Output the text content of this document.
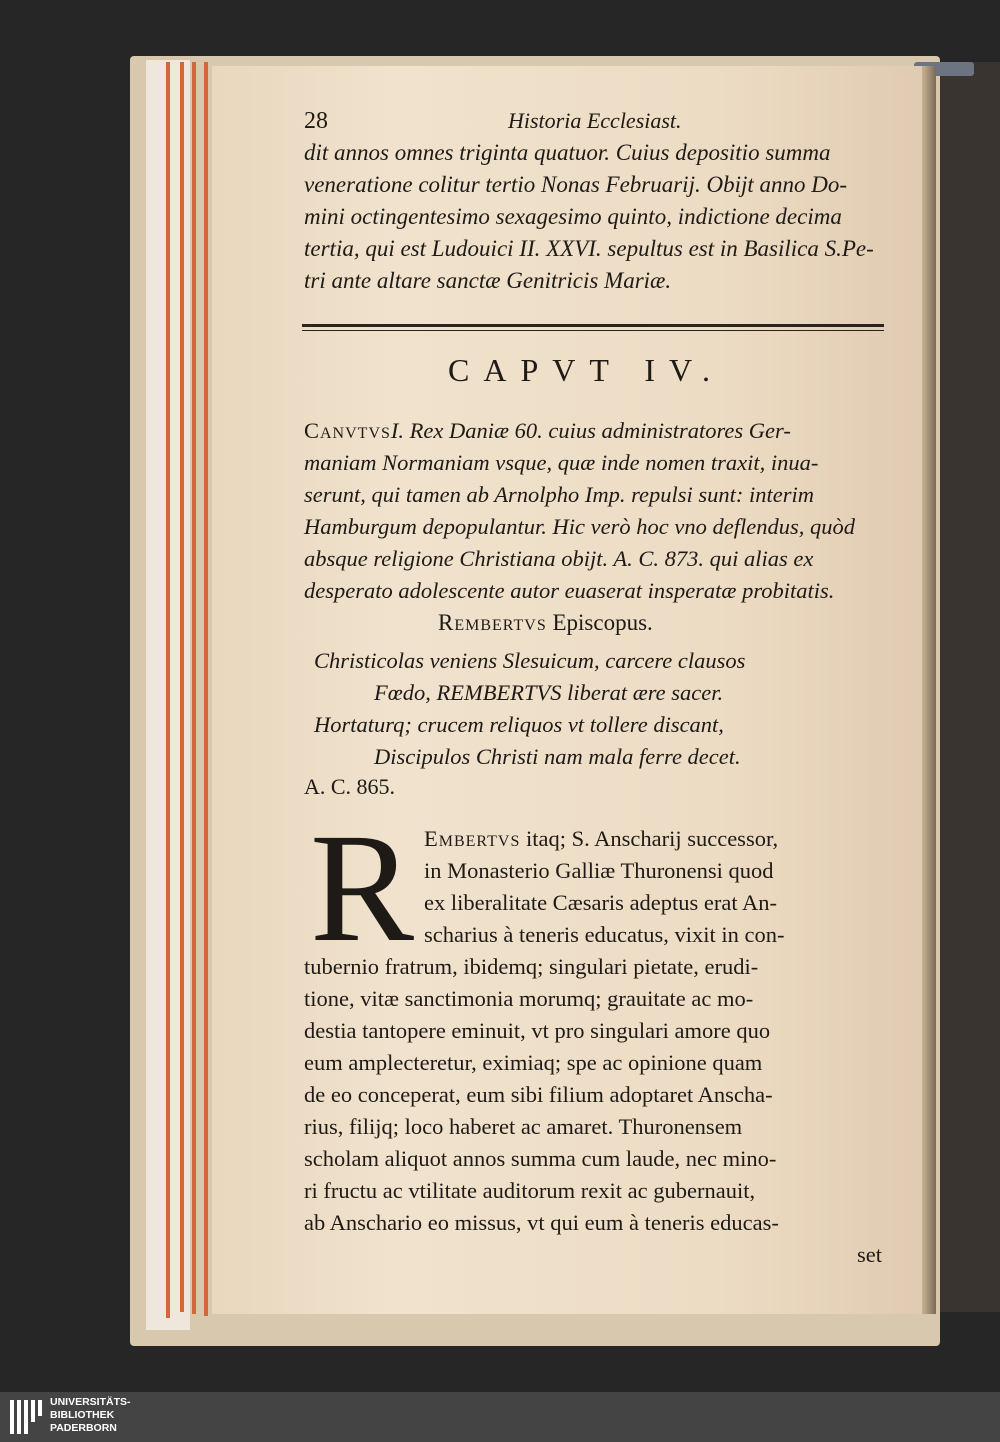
28	Historia Ecclesiast.
dit annos omnes triginta quatuor. Cuius depositio summa
veneratione colitur tertio Nonas Februarij. Obijt anno Do-
mini octingentesimo sexagesimo quinto, indictione decima
tertia, qui est Ludouici II. XXVI. sepultus est in Basilica S.Pe-
tri ante altare sanctæ Genitricis Mariæ.
CAPVT IV.
CanvtvsI. Rex Daniæ 60. cuius administratores Ger-
maniam Normaniam vsque, quæ inde nomen traxit, inua-
serunt, qui tamen ab Arnolpho Imp. repulsi sunt: interim
Hamburgum depopulantur. Hic verò hoc vno deflendus, quòd
absque religione Christiana obijt. A. C. 873. qui alias ex
desperato adolescente autor euaserat insperatæ probitatis.
Rembertvs Episcopus.
Christicolas veniens Slesuicum, carcere clausos
Fœdo, REMBERTVS liberat ære sacer.
Hortaturq; crucem reliquos vt tollere discant,
Discipulos Christi nam mala ferre decet.
A. C. 865.
R Embertvs itaq; S. Anscharij successor,
in Monasterio Galliæ Thuronensi quod
ex liberalitate Cæsaris adeptus erat An-
scharius à teneris educatus, vixit in con-
tubernio fratrum, ibidemq; singulari pietate, erudi-
tione, vitæ sanctimonia morumq; grauitate ac mo-
destia tantopere eminuit, vt pro singulari amore quo
eum amplecteretur, eximiaq; spe ac opinione quam
de eo conceperat, eum sibi filium adoptaret Anscha-
rius, filijq; loco haberet ac amaret. Thuronensem
scholam aliquot annos summa cum laude, nec mino-
ri fructu ac vtilitate auditorum rexit ac gubernauit,
ab Anschario eo missus, vt qui eum à teneris educas-
set
UNIVERSITÄTS-
BIBLIOTHEK
PADERBORN
